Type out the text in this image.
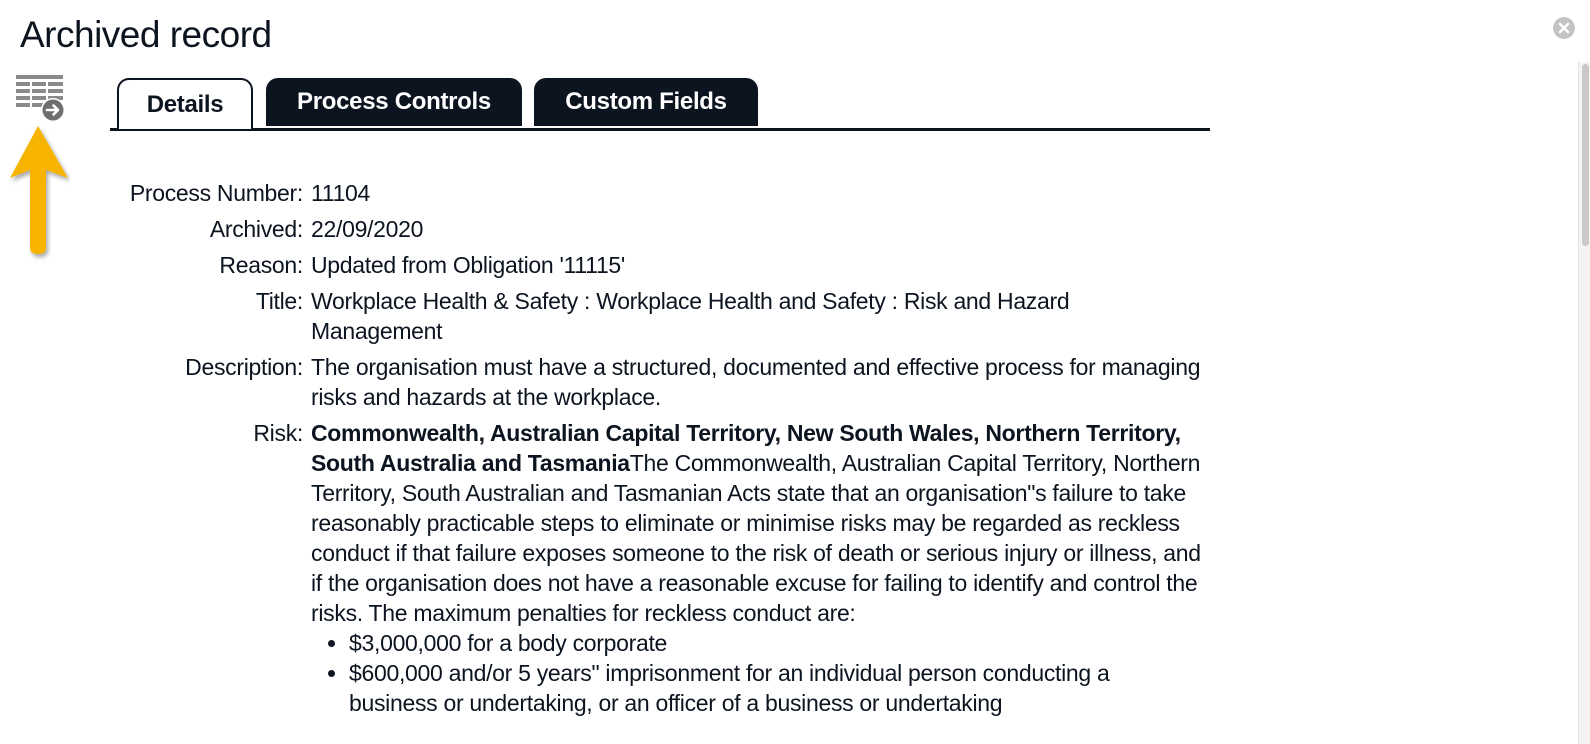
Archived record
Details	Process Controls	Custom Fields
Process Number: 11104
Archived: 22/09/2020
Reason: Updated from Obligation '11115'
Title: Workplace Health & Safety : Workplace Health and Safety : Risk and Hazard Management
Description: The organisation must have a structured, documented and effective process for managing risks and hazards at the workplace.
Risk: Commonwealth, Australian Capital Territory, New South Wales, Northern Territory, South Australia and TasmaniaThe Commonwealth, Australian Capital Territory, Northern Territory, South Australian and Tasmanian Acts state that an organisation"s failure to take reasonably practicable steps to eliminate or minimise risks may be regarded as reckless conduct if that failure exposes someone to the risk of death or serious injury or illness, and if the organisation does not have a reasonable excuse for failing to identify and control the risks. The maximum penalties for reckless conduct are:
• $3,000,000 for a body corporate
• $600,000 and/or 5 years" imprisonment for an individual person conducting a business or undertaking, or an officer of a business or undertaking
